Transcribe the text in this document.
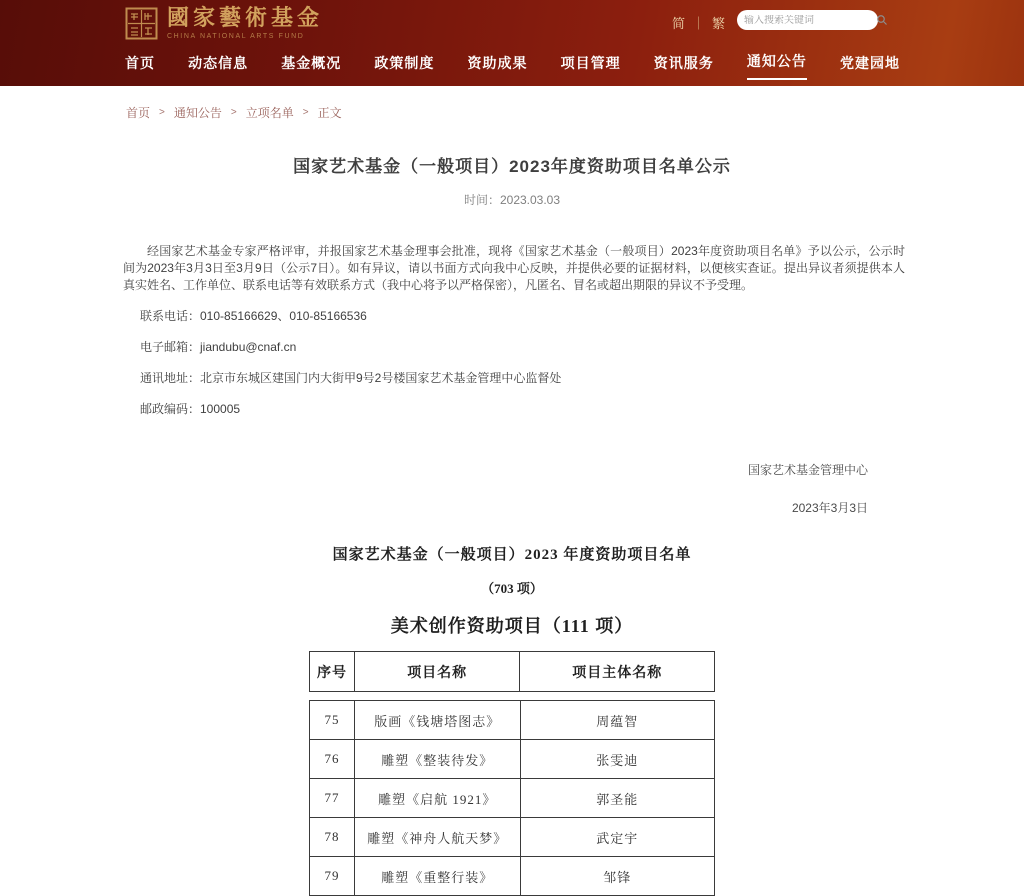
國家藝術基金
CHINA NATIONAL ARTS FUND
简 ｜ 繁
输入搜索关键词
首页 动态信息 基金概况 政策制度 资助成果 项目管理 资讯服务 通知公告 党建园地
首页 > 通知公告 > 立项名单 > 正文
国家艺术基金（一般项目）2023年度资助项目名单公示
时间：2023.03.03
经国家艺术基金专家严格评审，并报国家艺术基金理事会批准，现将《国家艺术基金（一般项目）2023年度资助项目名单》予以公示，公示时间为2023年3月3日至3月9日（公示7日）。如有异议，请以书面方式向我中心反映，并提供必要的证据材料，以便核实查证。提出异议者须提供本人真实姓名、工作单位、联系电话等有效联系方式（我中心将予以严格保密），凡匿名、冒名或超出期限的异议不予受理。
联系电话：010-85166629、010-85166536
电子邮箱：jiandubu@cnaf.cn
通讯地址：北京市东城区建国门内大街甲9号2号楼国家艺术基金管理中心监督处
邮政编码：100005
国家艺术基金管理中心
2023年3月3日
国家艺术基金（一般项目）2023 年度资助项目名单
（703 项）
美术创作资助项目（111 项）
序号	项目名称	项目主体名称
75	版画《钱塘塔图志》	周蕴智
76	雕塑《整装待发》	张雯迪
77	雕塑《启航 1921》	郭圣能
78	雕塑《神舟人航天梦》	武定宇
79	雕塑《重整行装》	邹锋
